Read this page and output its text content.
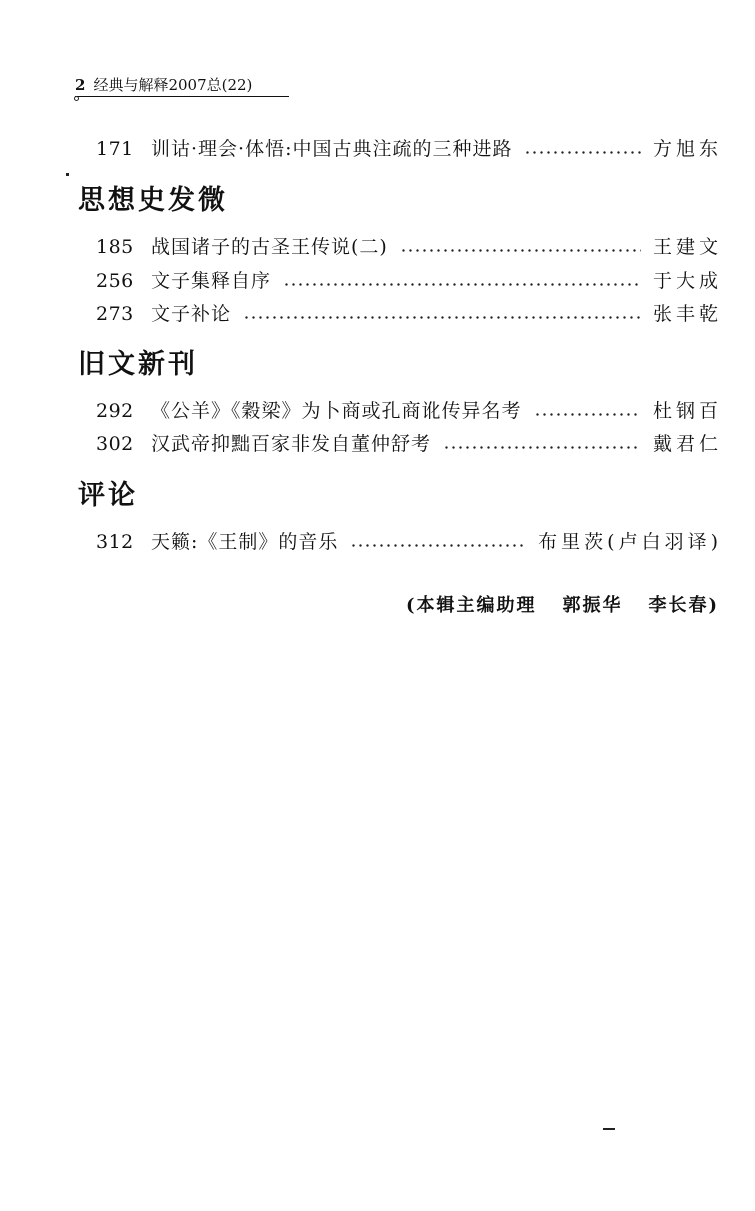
2 经典与解释2007总(22)
171 训诂·理会·体悟:中国古典注疏的三种进路	方旭东
思想史发微
185 战国诸子的古圣王传说(二)	王建文
256 文子集释自序	于大成
273 文子补论	张丰乾
旧文新刊
292 《公羊》《穀梁》为卜商或孔商讹传异名考	杜钢百
302 汉武帝抑黜百家非发自董仲舒考	戴君仁
评论
312 天籁:《王制》的音乐	布里茨(卢白羽译)
(本辑主编助理 郭振华 李长春)
